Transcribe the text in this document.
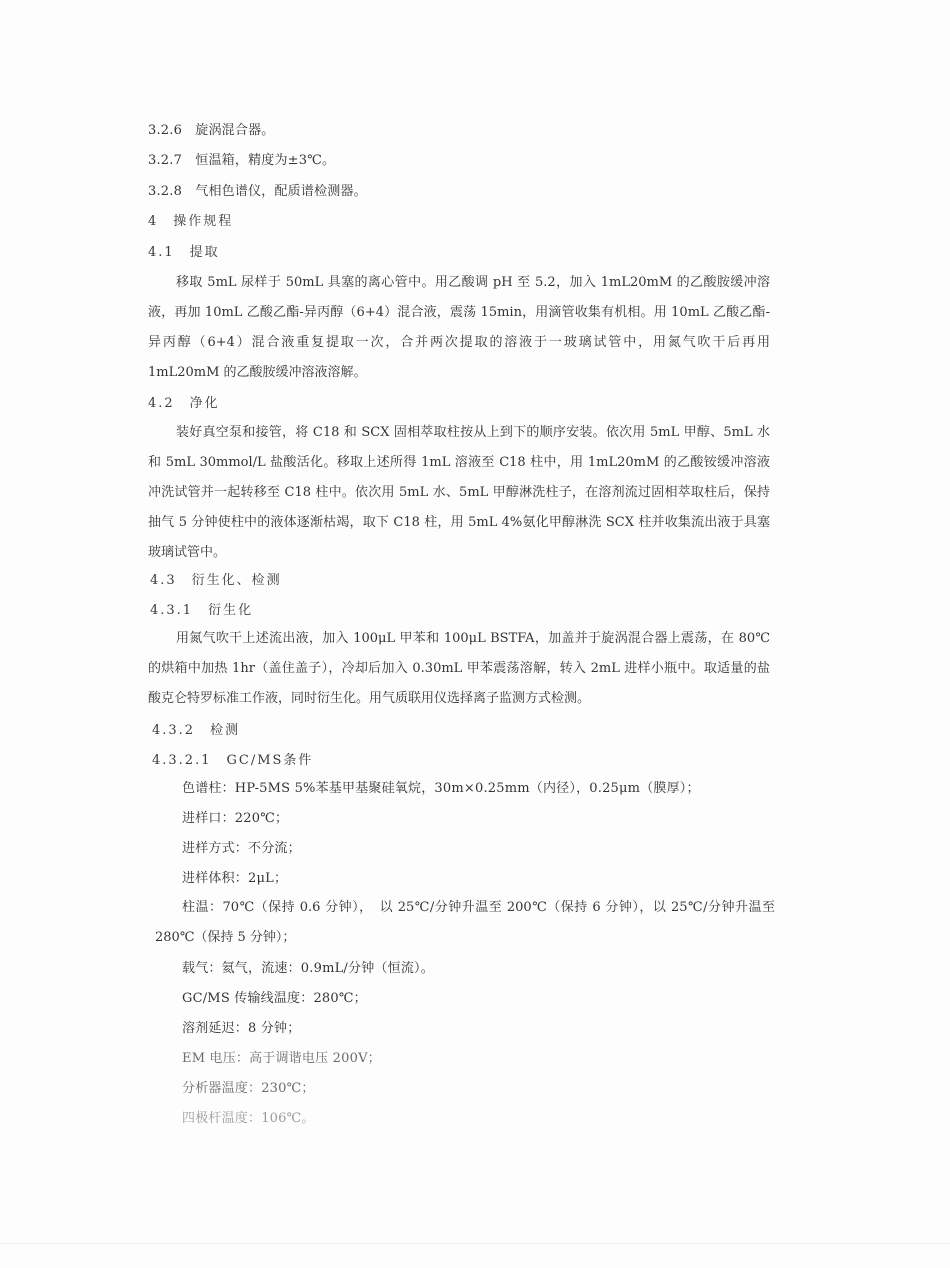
3.2.6　旋涡混合器。
3.2.7　恒温箱，精度为±3℃。
3.2.8　气相色谱仪，配质谱检测器。
4　操作规程
4.1　提取
移取 5mL 尿样于 50mL 具塞的离心管中。用乙酸调 pH 至 5.2，加入 1mL20mM 的乙酸胺缓冲溶液，再加 10mL 乙酸乙酯-异丙醇（6+4）混合液，震荡 15min，用滴管收集有机相。用 10mL 乙酸乙酯-异丙醇（6+4）混合液重复提取一次，合并两次提取的溶液于一玻璃试管中，用氮气吹干后再用 1mL20mM 的乙酸胺缓冲溶液溶解。
4.2　净化
装好真空泵和接管，将 C18 和 SCX 固相萃取柱按从上到下的顺序安装。依次用 5mL 甲醇、5mL 水和 5mL 30mmol/L 盐酸活化。移取上述所得 1mL 溶液至 C18 柱中，用 1mL20mM 的乙酸铵缓冲溶液冲洗试管并一起转移至 C18 柱中。依次用 5mL 水、5mL 甲醇淋洗柱子，在溶剂流过固相萃取柱后，保持抽气 5 分钟使柱中的液体逐渐枯竭，取下 C18 柱，用 5mL 4%氨化甲醇淋洗 SCX 柱并收集流出液于具塞玻璃试管中。
4.3　衍生化、检测
4.3.1　衍生化
用氮气吹干上述流出液，加入 100μL 甲苯和 100μL BSTFA，加盖并于旋涡混合器上震荡，在 80℃的烘箱中加热 1hr（盖住盖子），冷却后加入 0.30mL 甲苯震荡溶解，转入 2mL 进样小瓶中。取适量的盐酸克仑特罗标准工作液，同时衍生化。用气质联用仪选择离子监测方式检测。
4.3.2　检测
4.3.2.1　GC/MS条件
色谱柱：HP-5MS 5%苯基甲基聚硅氧烷，30m×0.25mm（内径），0.25μm（膜厚）；
进样口：220℃；
进样方式：不分流；
进样体积：2μL；
柱温：70℃（保持 0.6 分钟），　以 25℃/分钟升温至 200℃（保持 6 分钟），以 25℃/分钟升温至 280℃（保持 5 分钟）；
载气：氦气，流速：0.9mL/分钟（恒流）。
GC/MS 传输线温度：280℃；
溶剂延迟：8 分钟；
EM 电压：高于调谐电压 200V；
分析器温度：230℃；
四极杆温度：106℃。
